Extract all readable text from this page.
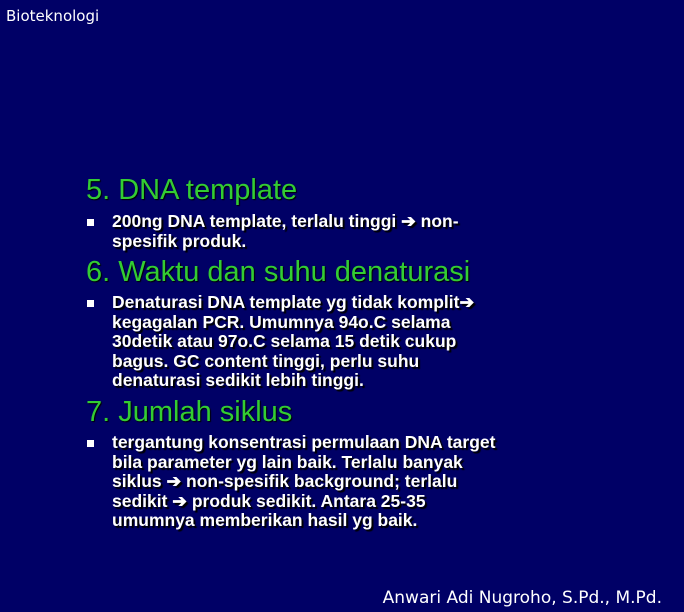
Bioteknologi
5. DNA template
200ng DNA template, terlalu tinggi ➔ non-
spesifik produk.
6. Waktu dan suhu denaturasi
Denaturasi DNA template yg tidak komplit➔
kegagalan PCR. Umumnya 94o.C selama
30detik atau 97o.C selama 15 detik cukup
bagus. GC content tinggi, perlu suhu
denaturasi sedikit lebih tinggi.
7. Jumlah siklus
tergantung konsentrasi permulaan DNA target
bila parameter yg lain baik. Terlalu banyak
siklus ➔ non-spesifik background; terlalu
sedikit ➔ produk sedikit. Antara 25-35
umumnya memberikan hasil yg baik.
Anwari Adi Nugroho, S.Pd., M.Pd.
